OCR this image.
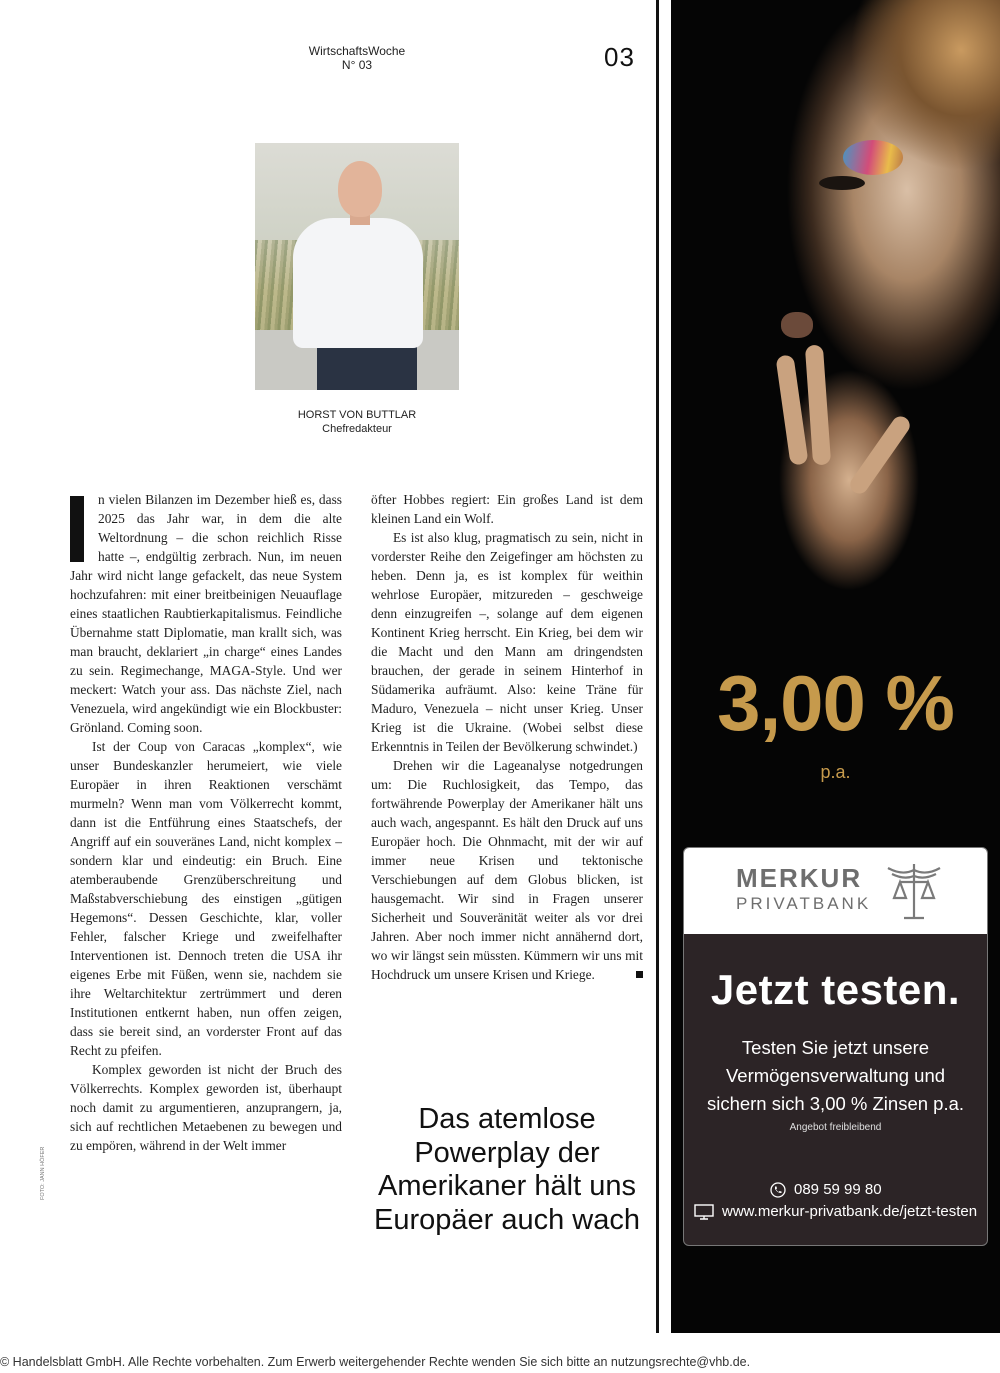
WirtschaftsWoche
N° 03	03
HORST VON BUTTLAR
Chefredakteur

n vielen Bilanzen im Dezember hieß es, dass 2025 das Jahr war, in dem die alte Weltordnung – die schon reichlich Risse hatte –, endgültig zerbrach. Nun, im neuen Jahr wird nicht lange gefackelt, das neue System hochzufahren: mit einer breitbeinigen Neuauflage eines staatlichen Raubtierkapitalismus. Feindliche Übernahme statt Diplomatie, man krallt sich, was man braucht, deklariert „in charge“ eines Landes zu sein. Regimechange, MAGA-Style. Und wer meckert: Watch your ass. Das nächste Ziel, nach Venezuela, wird angekündigt wie ein Blockbuster: Grönland. Coming soon.

Ist der Coup von Caracas „komplex“, wie unser Bundeskanzler herumeiert, wie viele Europäer in ihren Reaktionen verschämt murmeln? Wenn man vom Völkerrecht kommt, dann ist die Entführung eines Staatschefs, der Angriff auf ein souveränes Land, nicht komplex – sondern klar und eindeutig: ein Bruch. Eine atemberaubende Grenzüberschreitung und Maßstabverschiebung des einstigen „gütigen Hegemons“. Dessen Geschichte, klar, voller Fehler, falscher Kriege und zweifelhafter Interventionen ist. Dennoch treten die USA ihr eigenes Erbe mit Füßen, wenn sie, nachdem sie ihre Weltarchitektur zertrümmert und deren Institutionen entkernt haben, nun offen zeigen, dass sie bereit sind, an vorderster Front auf das Recht zu pfeifen.

Komplex geworden ist nicht der Bruch des Völkerrechts. Komplex geworden ist, überhaupt noch damit zu argumentieren, anzuprangern, ja, sich auf rechtlichen Metaebenen zu bewegen und zu empören, während in der Welt immer

öfter Hobbes regiert: Ein großes Land ist dem kleinen Land ein Wolf.

Es ist also klug, pragmatisch zu sein, nicht in vorderster Reihe den Zeigefinger am höchsten zu heben. Denn ja, es ist komplex für weithin wehrlose Europäer, mitzureden – geschweige denn einzugreifen –, solange auf dem eigenen Kontinent Krieg herrscht. Ein Krieg, bei dem wir die Macht und den Mann am dringendsten brauchen, der gerade in seinem Hinterhof in Südamerika aufräumt. Also: keine Träne für Maduro, Venezuela – nicht unser Krieg. Unser Krieg ist die Ukraine. (Wobei selbst diese Erkenntnis in Teilen der Bevölkerung schwindet.)

Drehen wir die Lageanalyse notgedrungen um: Die Ruchlosigkeit, das Tempo, das fortwährende Powerplay der Amerikaner hält uns auch wach, angespannt. Es hält den Druck auf uns Europäer hoch. Die Ohnmacht, mit der wir auf immer neue Krisen und tektonische Verschiebungen auf dem Globus blicken, ist hausgemacht. Wir sind in Fragen unserer Sicherheit und Souveränität weiter als vor drei Jahren. Aber noch immer nicht annähernd dort, wo wir längst sein müssten. Kümmern wir uns mit Hochdruck um unsere Krisen und Kriege.

Das atemlose Powerplay der Amerikaner hält uns Europäer auch wach
FOTO: JANN HÖFER
3,00 %
p.a.
MERKUR
PRIVATBANK
Jetzt testen.
Testen Sie jetzt unsere
Vermögensverwaltung und
sichern sich 3,00 % Zinsen p.a.
Angebot freibleibend
089 59 99 80
www.merkur-privatbank.de/jetzt-testen
© Handelsblatt GmbH. Alle Rechte vorbehalten. Zum Erwerb weitergehender Rechte wenden Sie sich bitte an nutzungsrechte@vhb.de.
